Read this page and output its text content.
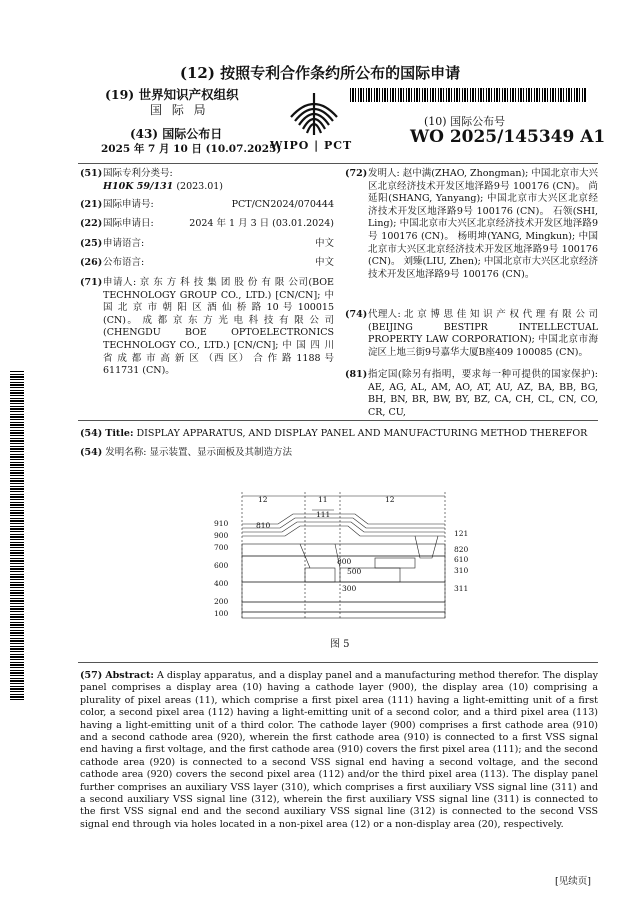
(12) 按照专利合作条约所公布的国际申请
(19) 世界知识产权组织
国 际 局
(43) 国际公布日
2025 年 7 月 10 日 (10.07.2025)
WIPO | PCT
(10) 国际公布号
WO 2025/145349 A1
(51) 国际专利分类号:
H10K 59/131 (2023.01)
(21) 国际申请号:	PCT/CN2024/070444
(22) 国际申请日:	2024 年 1 月 3 日 (03.01.2024)
(25) 申请语言:	中文
(26) 公布语言:	中文
(71) 申请人: 京 东 方 科 技 集 团 股 份 有 限 公司(BOE TECHNOLOGY GROUP CO., LTD.) [CN/CN]; 中 国 北 京 市 朝 阳 区 酒 仙 桥 路 10 号 100015 (CN)。 成 都 京 东 方 光 电 科 技 有 限 公 司(CHENGDU BOE OPTOELECTRONICS TECHNOLOGY CO., LTD.) [CN/CN]; 中 国 四 川 省 成 都 市 高 新 区 （西 区） 合 作 路 1188 号 611731 (CN)。
(72) 发明人: 赵中满(ZHAO, Zhongman); 中国北京市大兴区北京经济技术开发区地泽路9号 100176 (CN)。 尚延阳(SHANG, Yanyang); 中国北京市大兴区北京经济技术开发区地泽路9号 100176 (CN)。 石领(SHI, Ling); 中国北京市大兴区北京经济技术开发区地泽路9号 100176 (CN)。 杨明坤(YANG, Mingkun); 中国北京市大兴区北京经济技术开发区地泽路9号 100176 (CN)。 刘臻(LIU, Zhen); 中国北京市大兴区北京经济技术开发区地泽路9号 100176 (CN)。
(74) 代理人: 北 京 博 思 佳 知 识 产 权 代 理 有 限 公 司 (BEIJING BESTIPR INTELLECTUAL PROPERTY LAW CORPORATION); 中国北京市海淀区上地三街9号嘉华大厦B座409 100085 (CN)。
(81) 指定国(除另有指明，要求每一种可提供的国家保护): AE, AG, AL, AM, AO, AT, AU, AZ, BA, BB, BG, BH, BN, BR, BW, BY, BZ, CA, CH, CL, CN, CO, CR, CU,
(54) Title: DISPLAY APPARATUS, AND DISPLAY PANEL AND MANUFACTURING METHOD THEREFOR
(54) 发明名称: 显示装置、显示面板及其制造方法
12	11
111
12
910
900
700
600
400
200
100
810
800
500
300
121
820
610
310
311
图 5
(57) Abstract: A display apparatus, and a display panel and a manufacturing method therefor. The display panel comprises a display area (10) having a cathode layer (900), the display area (10) comprising a plurality of pixel areas (11), which comprise a first pixel area (111) having a light-emitting unit of a first color, a second pixel area (112) having a light-emitting unit of a second color, and a third pixel area (113) having a light-emitting unit of a third color. The cathode layer (900) comprises a first cathode area (910) and a second cathode area (920), wherein the first cathode area (910) is connected to a first VSS signal end having a first voltage, and the first cathode area (910) covers the first pixel area (111); and the second cathode area (920) is connected to a second VSS signal end having a second voltage, and the second cathode area (920) covers the second pixel area (112) and/or the third pixel area (113). The display panel further comprises an auxiliary VSS layer (310), which comprises a first auxiliary VSS signal line (311) and a second auxiliary VSS signal line (312), wherein the first auxiliary VSS signal line (311) is connected to the first VSS signal end and the second auxiliary VSS signal line (312) is connected to the second VSS signal end through via holes located in a non-pixel area (12) or a non-display area (20), respectively.
[见续页]
